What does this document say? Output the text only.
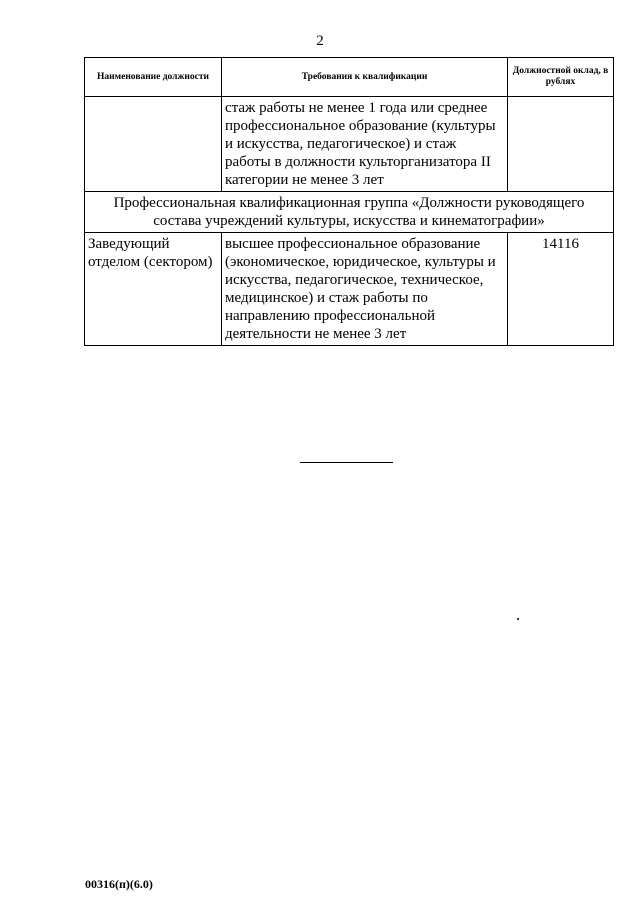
2
Наименование должности	Требования к квалификации	Должностной оклад, в рублях
	стаж работы не менее 1 года или среднее профессиональное образование (культуры и искусства, педагогическое) и стаж работы в должности культорганизатора II категории не менее 3 лет	
Профессиональная квалификационная группа «Должности руководящего состава учреждений культуры, искусства и кинематографии»		
Заведующий отделом (сектором)	высшее профессиональное образование (экономическое, юридическое, культуры и искусства, педагогическое, техническое, медицинское) и стаж работы по направлению профессиональной деятельности не менее 3 лет	14116
00316(п)(6.0)
